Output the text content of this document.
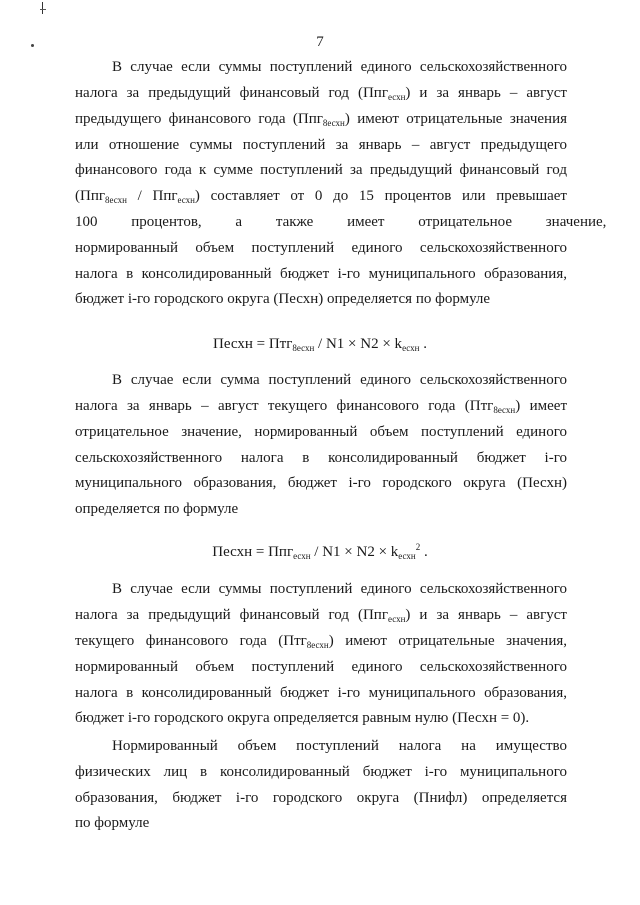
7
В случае если суммы поступлений единого сельскохозяйственного
налога за предыдущий финансовый год (Ппг$_{есхн}$) и за январь – август
предыдущего финансового года (Ппг$_{8есхн}$) имеют отрицательные значения
или отношение суммы поступлений за январь – август предыдущего
финансового года к сумме поступлений за предыдущий финансовый год
(Ппг$_{8есхн}$ / Ппг$_{есхн}$) составляет от 0 до 15 процентов или превышает
100 процентов, а также имеет отрицательное значение,
нормированный объем поступлений единого сельскохозяйственного
налога в консолидированный бюджет i-го муниципального образования,
бюджет i-го городского округа (Песхн) определяется по формуле
Песхн = $Птг_{8есхн} / N1 \times N2 \times k_{есхн}$ .
В случае если сумма поступлений единого сельскохозяйственного
налога за январь – август текущего финансового года (Птг$_{8есхн}$) имеет
отрицательное значение, нормированный объем поступлений единого
сельскохозяйственного налога в консолидированный бюджет i-го
муниципального образования, бюджет i-го городского округа (Песхн)
определяется по формуле
Песхн = $Ппг_{есхн} / N1 \times N2 \times k_{есхн}^2$ .
В случае если суммы поступлений единого сельскохозяйственного
налога за предыдущий финансовый год (Ппг$_{есхн}$) и за январь – август
текущего финансового года (Птг$_{8есхн}$) имеют отрицательные значения,
нормированный объем поступлений единого сельскохозяйственного
налога в консолидированный бюджет i-го муниципального образования,
бюджет i-го городского округа определяется равным нулю (Песхн = 0).
Нормированный объем поступлений налога на имущество
физических лиц в консолидированный бюджет i-го муниципального
образования, бюджет i-го городского округа (Пнифл) определяется
по формуле
